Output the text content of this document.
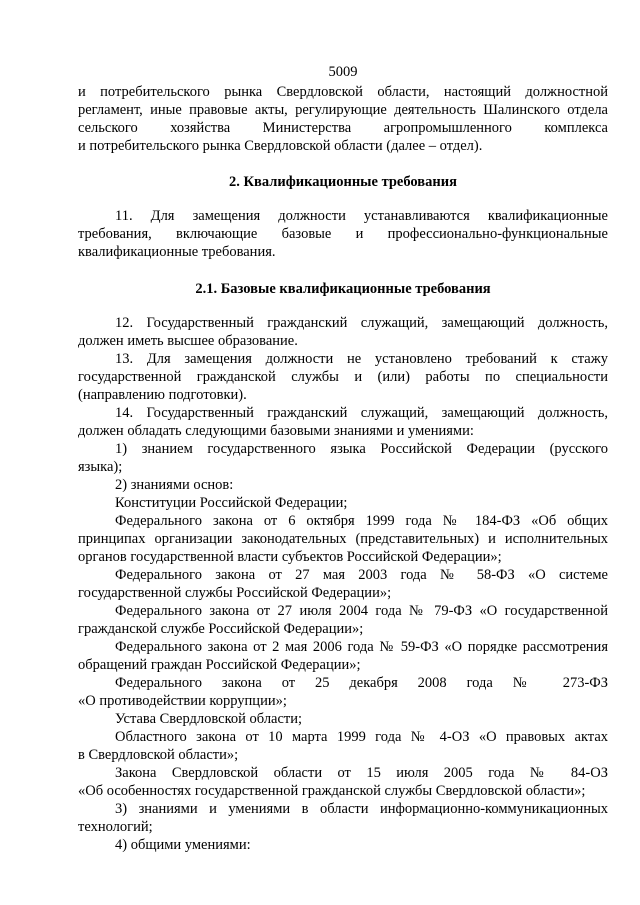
5009

и потребительского рынка Свердловской области, настоящий должностной

регламент, иные правовые акты, регулирующие деятельность Шалинского отдела

сельского хозяйства Министерства агропромышленного комплекса

и потребительского рынка Свердловской области (далее – отдел).

2. Квалификационные требования

11. Для замещения должности устанавливаются квалификационные

требования, включающие базовые и профессионально-функциональные

квалификационные требования.

2.1. Базовые квалификационные требования

12. Государственный гражданский служащий, замещающий должность,

должен иметь высшее образование.

13. Для замещения должности не установлено требований к стажу

государственной гражданской службы и (или) работы по специальности

(направлению подготовки).

14. Государственный гражданский служащий, замещающий должность,

должен обладать следующими базовыми знаниями и умениями:

1) знанием государственного языка Российской Федерации (русского

языка);

2) знаниями основ:

Конституции Российской Федерации;

Федерального закона от 6 октября 1999 года № 184-ФЗ «Об общих

принципах организации законодательных (представительных) и исполнительных

органов государственной власти субъектов Российской Федерации»;

Федерального закона от 27 мая 2003 года № 58-ФЗ «О системе

государственной службы Российской Федерации»;

Федерального закона от 27 июля 2004 года № 79-ФЗ «О государственной

гражданской службе Российской Федерации»;

Федерального закона от 2 мая 2006 года № 59-ФЗ «О порядке рассмотрения

обращений граждан Российской Федерации»;

Федерального закона от 25 декабря 2008 года № 273-ФЗ

«О противодействии коррупции»;

Устава Свердловской области;

Областного закона от 10 марта 1999 года № 4-ОЗ «О правовых актах

в Свердловской области»;

Закона Свердловской области от 15 июля 2005 года № 84-ОЗ

«Об особенностях государственной гражданской службы Свердловской области»;

3) знаниями и умениями в области информационно-коммуникационных

технологий;

4) общими умениями:
